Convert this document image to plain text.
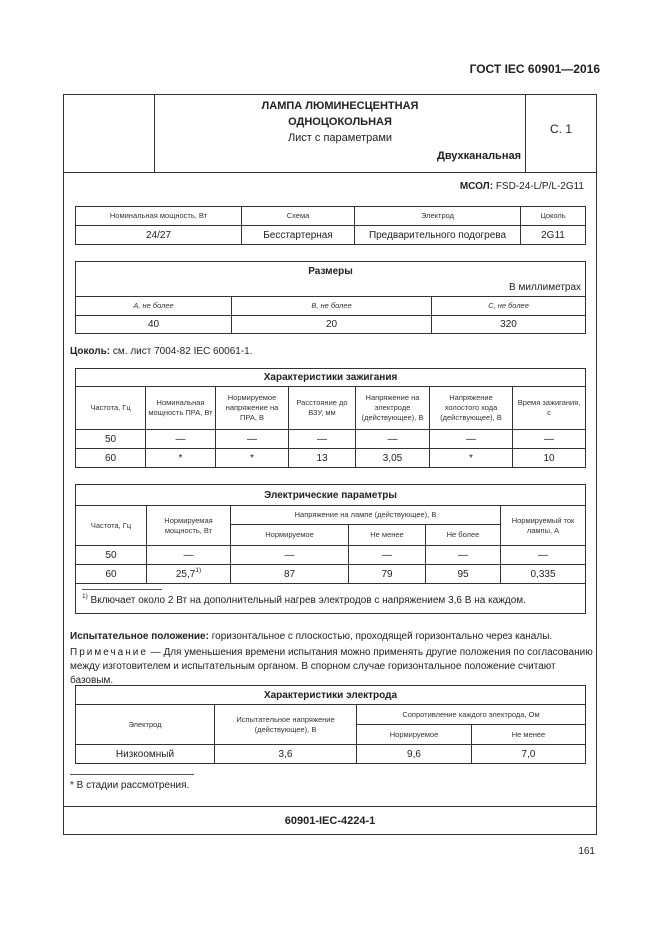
ГОСТ IEC 60901—2016
ЛАМПА ЛЮМИНЕСЦЕНТНАЯ
ОДНОЦОКОЛЬНАЯ
Лист с параметрами
Двухканальная
С. 1
МСОЛ: FSD-24-L/P/L-2G11
Номинальная мощность, Вт	Схема	Электрод	Цоколь
24/27	Бесстартерная	Предварительного подогрева	2G11
Размеры
В миллиметрах		

A, не более	B, не более	C, не более
40	20	320
Цоколь: см. лист 7004-82 IEC 60061-1.
Характеристики зажигания						
Частота, Гц	Номинальная мощность ПРА, Вт	Нормируемое напряжение на ПРА, В	Расстояние до ВЗУ, мм	Напряжение на электроде (действующее), В	Напряжение холостого хода (действующее), В	Время зажигания, с
50	—	—	—	—	—	—
60	*	*	13	3,05	*	10
Электрические параметры					
Частота, Гц	Нормируемая мощность, Вт	Напряжение на лампе (действующее), В			Нормируемый ток лампы, А
		Нормируемое	Не менее	Не более	
50	—	—	—	—	—
60	25,7$^{1)}$	87	79	95	0,335

$^{1)}$ Включает около 2 Вт на дополнительный нагрев электродов с напряжением 3,6 В на каждом.					
Испытательное положение: горизонтальное с плоскостью, проходящей горизонтально через каналы.
Примечание — Для уменьшения времени испытания можно применять другие положения по согласованию
между изготовителем и испытательным органом. В спорном случае горизонтальное положение считают базовым.
Характеристики электрода			
Электрод	Испытательное напряжение (действующее), В	Сопротивление каждого электрода, Ом	
		Нормируемое	Не менее
Низкоомный	3,6	9,6	7,0
* В стадии рассмотрения.
60901-IEC-4224-1
161
